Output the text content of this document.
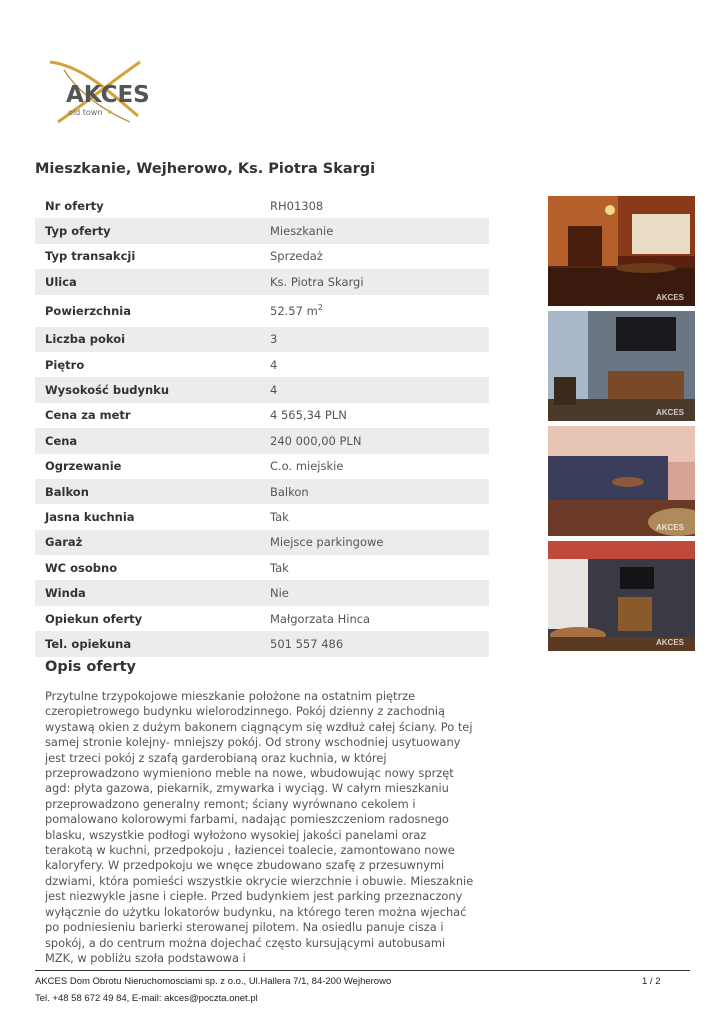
AKCES
old town
Mieszkanie, Wejherowo, Ks. Piotra Skargi
Nr oferty	RH01308
Typ oferty	Mieszkanie
Typ transakcji	Sprzedaż
Ulica	Ks. Piotra Skargi
Powierzchnia	52.57 $m^2$
Liczba pokoi	3
Piętro	4
Wysokość budynku	4
Cena za metr	4 565,34 PLN
Cena	240 000,00 PLN
Ogrzewanie	C.o. miejskie
Balkon	Balkon
Jasna kuchnia	Tak
Garaż	Miejsce parkingowe
WC osobno	Tak
Winda	Nie
Opiekun oferty	Małgorzata Hinca
Tel. opiekuna	501 557 486
Opis oferty

Przytulne trzypokojowe mieszkanie położone na ostatnim piętrze czeropietrowego budynku wielorodzinnego. Pokój dzienny z zachodnią wystawą okien z dużym bakonem ciągnącym się wzdłuż całej ściany. Po tej samej stronie kolejny- mniejszy pokój. Od strony wschodniej usytuowany jest trzeci pokój z szafą garderobianą oraz kuchnia, w której przeprowadzono wymieniono meble na nowe, wbudowując nowy sprzęt agd: płyta gazowa, piekarnik, zmywarka i wyciąg. W całym mieszkaniu przeprowadzono generalny remont; ściany wyrównano cekolem i pomalowano kolorowymi farbami, nadając pomieszczeniom radosnego blasku, wszystkie podłogi wyłożono wysokiej jakości panelami oraz terakotą w kuchni, przedpokoju , łaziencei toalecie, zamontowano nowe kaloryfery. W przedpokoju we wnęce zbudowano szafę z przesuwnymi dzwiami, która pomieści wszystkie okrycie wierzchnie i obuwie. Mieszaknie jest niezwykle jasne i ciepłe. Przed budynkiem jest parking przeznaczony wyłącznie do użytku lokatorów budynku, na którego teren można wjechać po podniesieniu barierki sterowanej pilotem. Na osiedlu panuje cisza i spokój, a do centrum można dojechać często kursującymi autobusami MZK, w pobliżu szoła podstawowa i

AKCES
AKCES
AKCES
AKCES
AKCES Dom Obrotu Nieruchomosciami sp. z o.o., Ul.Hallera 7/1, 84-200 Wejherowo	1 / 2
Tel. +48 58 672 49 84, E-mail: akces@poczta.onet.pl
